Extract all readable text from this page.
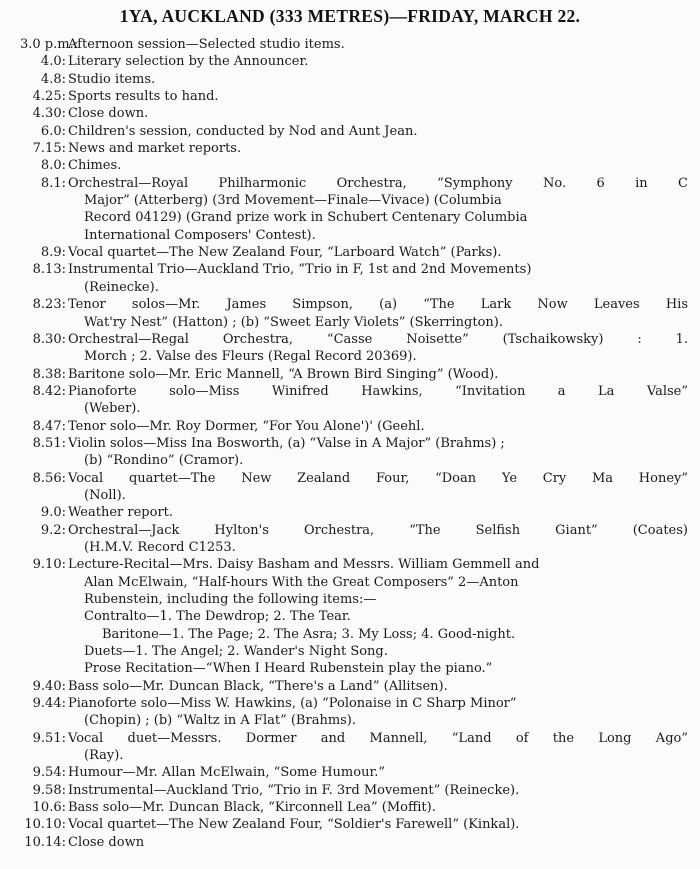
1YA, AUCKLAND (333 METRES)—FRIDAY, MARCH 22.
3.0 p.m. :
Afternoon session—Selected studio items.
4.0 : Literary selection by the Announcer.
4.8 : Studio items.
4.25 : Sports results to hand.
4.30 : Close down.
6.0 : Children's session, conducted by Nod and Aunt Jean.
7.15 : News and market reports.
8.0 : Chimes.
8.1 : Orchestral—Royal Philharmonic Orchestra, “Symphony No. 6 in C
Major” (Atterberg) (3rd Movement—Finale—Vivace) (Columbia
Record 04129) (Grand prize work in Schubert Centenary Columbia
International Composers' Contest).
8.9 : Vocal quartet—The New Zealand Four, “Larboard Watch” (Parks).
8.13 : Instrumental Trio—Auckland Trio, “Trio in F, 1st and 2nd Movements)
(Reinecke).
8.23 : Tenor solos—Mr. James Simpson, (a) “The Lark Now Leaves His
Wat'ry Nest” (Hatton) ; (b) “Sweet Early Violets” (Skerrington).
8.30 : Orchestral—Regal Orchestra, “Casse Noisette” (Tschaikowsky) : 1.
Morch ; 2. Valse des Fleurs (Regal Record 20369).
8.38 : Baritone solo—Mr. Eric Mannell, “A Brown Bird Singing” (Wood).
8.42 : Pianoforte solo—Miss Winifred Hawkins, “Invitation a La Valse”
(Weber).
8.47 : Tenor solo—Mr. Roy Dormer, “For You Alone')' (Geehl.
8.51 : Violin solos—Miss Ina Bosworth, (a) “Valse in A Major” (Brahms) ;
(b) “Rondino” (Cramor).
8.56 : Vocal quartet—The New Zealand Four, “Doan Ye Cry Ma Honey”
(Noll).
9.0 : Weather report.
9.2 : Orchestral—Jack Hylton's Orchestra, “The Selfish Giant” (Coates)
(H.M.V. Record C1253.
9.10 : Lecture-Recital—Mrs. Daisy Basham and Messrs. William Gemmell and
Alan McElwain, “Half-hours With the Great Composers” 2—Anton
Rubenstein, including the following items:—
Contralto—1. The Dewdrop; 2. The Tear.
Baritone—1. The Page; 2. The Asra; 3. My Loss; 4. Good-night.
Duets—1. The Angel; 2. Wander's Night Song.
Prose Recitation—“When I Heard Rubenstein play the piano.”
9.40 : Bass solo—Mr. Duncan Black, “There's a Land” (Allitsen).
9.44 : Pianoforte solo—Miss W. Hawkins, (a) “Polonaise in C Sharp Minor”
(Chopin) ; (b) “Waltz in A Flat” (Brahms).
9.51 : Vocal duet—Messrs. Dormer and Mannell, “Land of the Long Ago”
(Ray).
9.54 : Humour—Mr. Allan McElwain, “Some Humour.”
9.58 : Instrumental—Auckland Trio, “Trio in F. 3rd Movement” (Reinecke).
10.6 : Bass solo—Mr. Duncan Black, “Kirconnell Lea” (Moffit).
10.10 : Vocal quartet—The New Zealand Four, “Soldier's Farewell” (Kinkal).
10.14 : Close down
